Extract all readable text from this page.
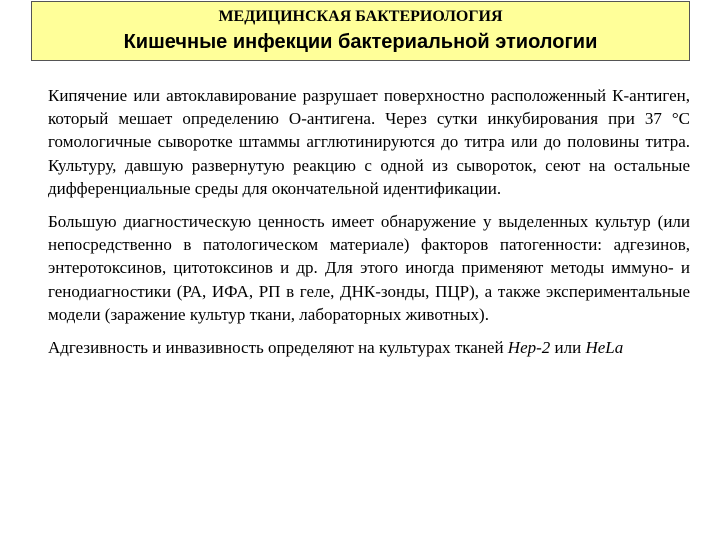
МЕДИЦИНСКАЯ БАКТЕРИОЛОГИЯ
Кишечные инфекции бактериальной этиологии

Кипячение или автоклавирование разрушает поверхностно расположенный К-антиген, который мешает определению О-антигена. Через сутки инкубирования при 37 °С гомологичные сыворотке штаммы агглютинируются до титра или до половины титра. Культуру, давшую развернутую реакцию с одной из сывороток, сеют на остальные дифференциальные среды для окончательной идентификации.

Большую диагностическую ценность имеет обнаружение у выделенных культур (или непосредственно в патологическом материале) факторов патогенности: адгезинов, энтеротоксинов, цитотоксинов и др. Для этого иногда применяют методы иммуно- и генодиагностики (РА, ИФА, РП в геле, ДНК-зонды, ПЦР), а также экспериментальные модели (заражение культур ткани, лабораторных животных).

Адгезивность и инвазивность определяют на культурах тканей Hep-2 или HeLa
